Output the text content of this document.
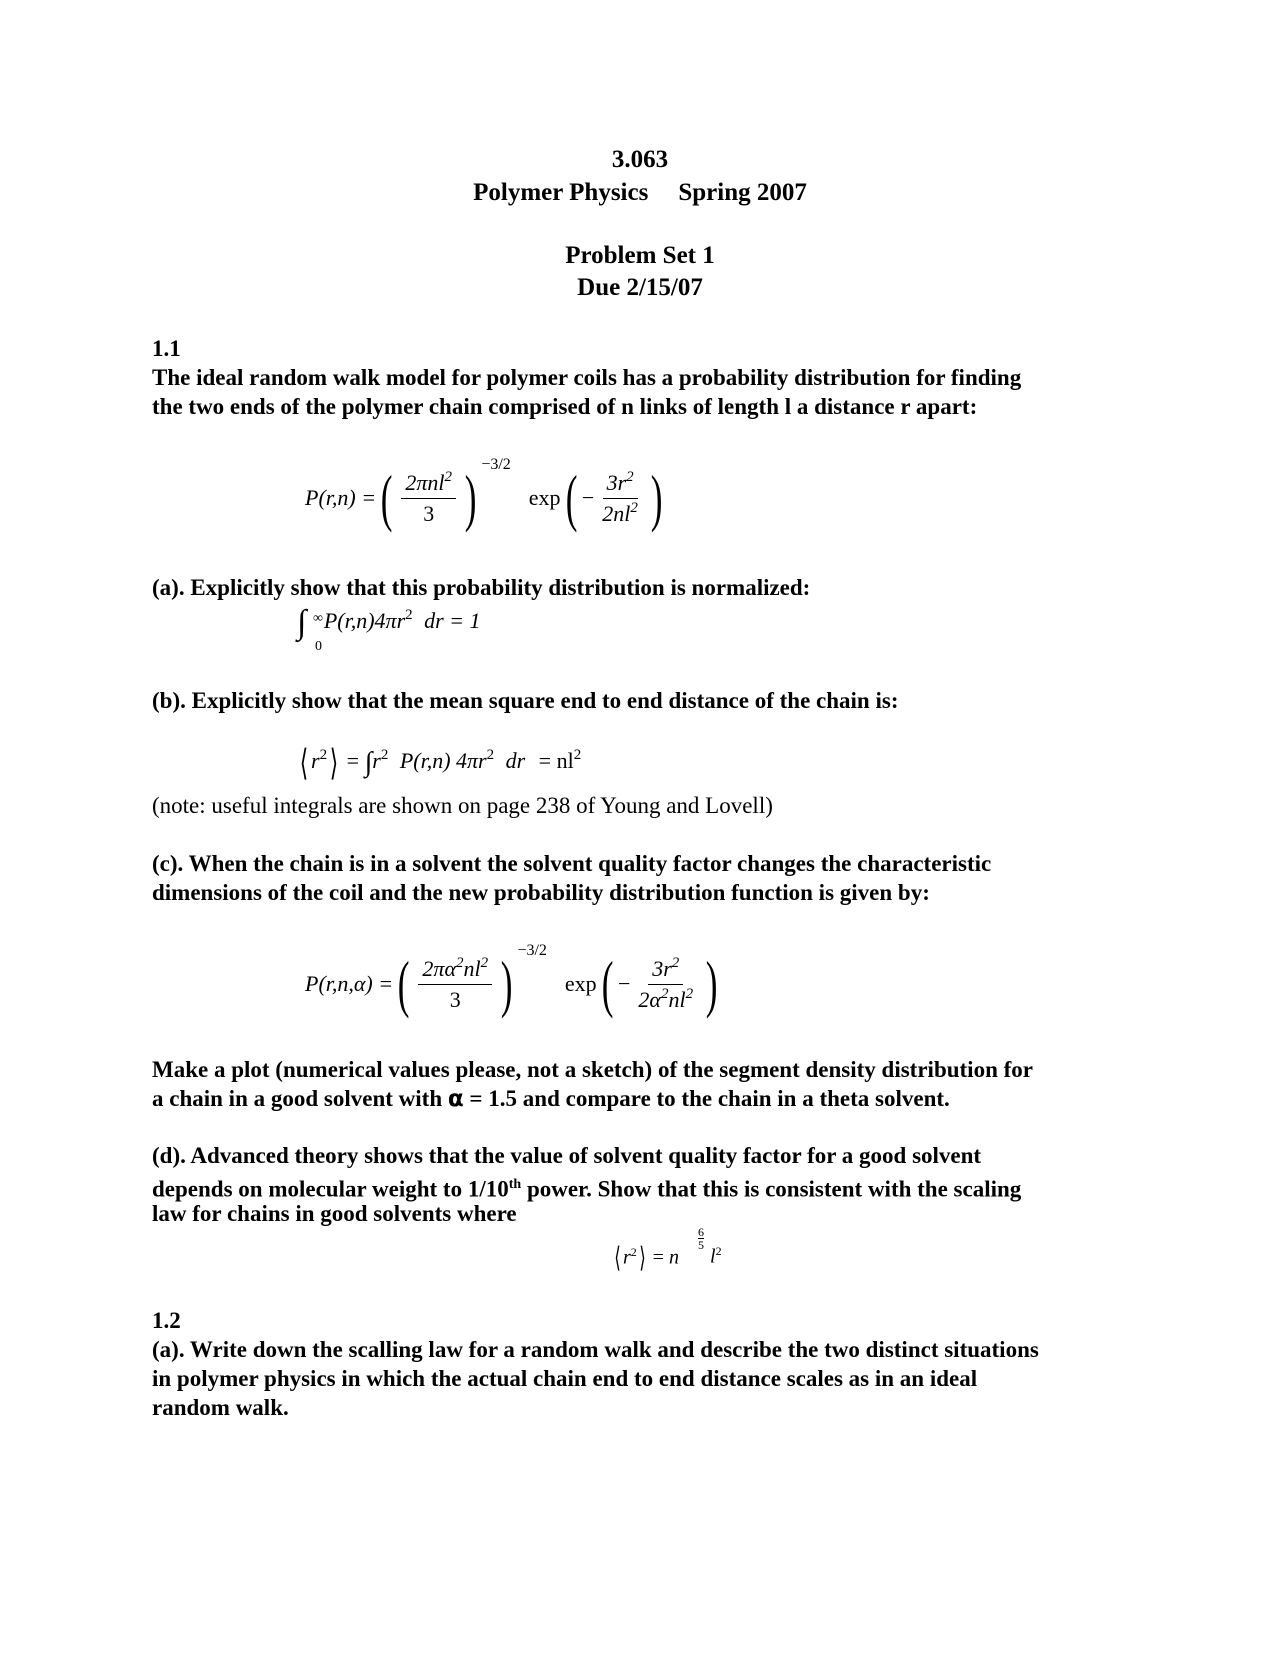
3.063
Polymer Physics Spring 2007
Problem Set 1
Due 2/15/07
1.1
The ideal random walk model for polymer coils has a probability distribution for finding
the two ends of the polymer chain comprised of n links of length l a distance r apart:
P(r,n) = ( $\frac{2\pi nl^2}{3}$ ) −3/2
exp ( − $\frac{3r^2}{2nl^2}$ )
(a). Explicitly show that this probability distribution is normalized:
∫ ∞
0
$P(r,n)4\pi r^2$ dr = 1
(b). Explicitly show that the mean square end to end distance of the chain is:
⟨ $r^2⟩ = \int r^2$ P(r,n) $4\pi r^2$ dr = $nl^2$
(note: useful integrals are shown on page 238 of Young and Lovell)
(c). When the chain is in a solvent the solvent quality factor changes the characteristic
dimensions of the coil and the new probability distribution function is given by:
P(r,n,α) = ( $\frac{2\pi\alpha^2nl^2}{3}$ ) −3/2
exp ( − $\frac{3r^2}{2\alpha^2nl^2}$ )
Make a plot (numerical values please, not a sketch) of the segment density distribution for
a chain in a good solvent with α = 1.5 and compare to the chain in a theta solvent.
(d). Advanced theory shows that the value of solvent quality factor for a good solvent
depends on molecular weight to 1/10th power. Show that this is consistent with the scaling
law for chains in good solvents where
⟨ $r^2⟩ = n$
$\frac{6}{5}$
$l^2$
1.2
(a). Write down the scalling law for a random walk and describe the two distinct situations
in polymer physics in which the actual chain end to end distance scales as in an ideal
random walk.
